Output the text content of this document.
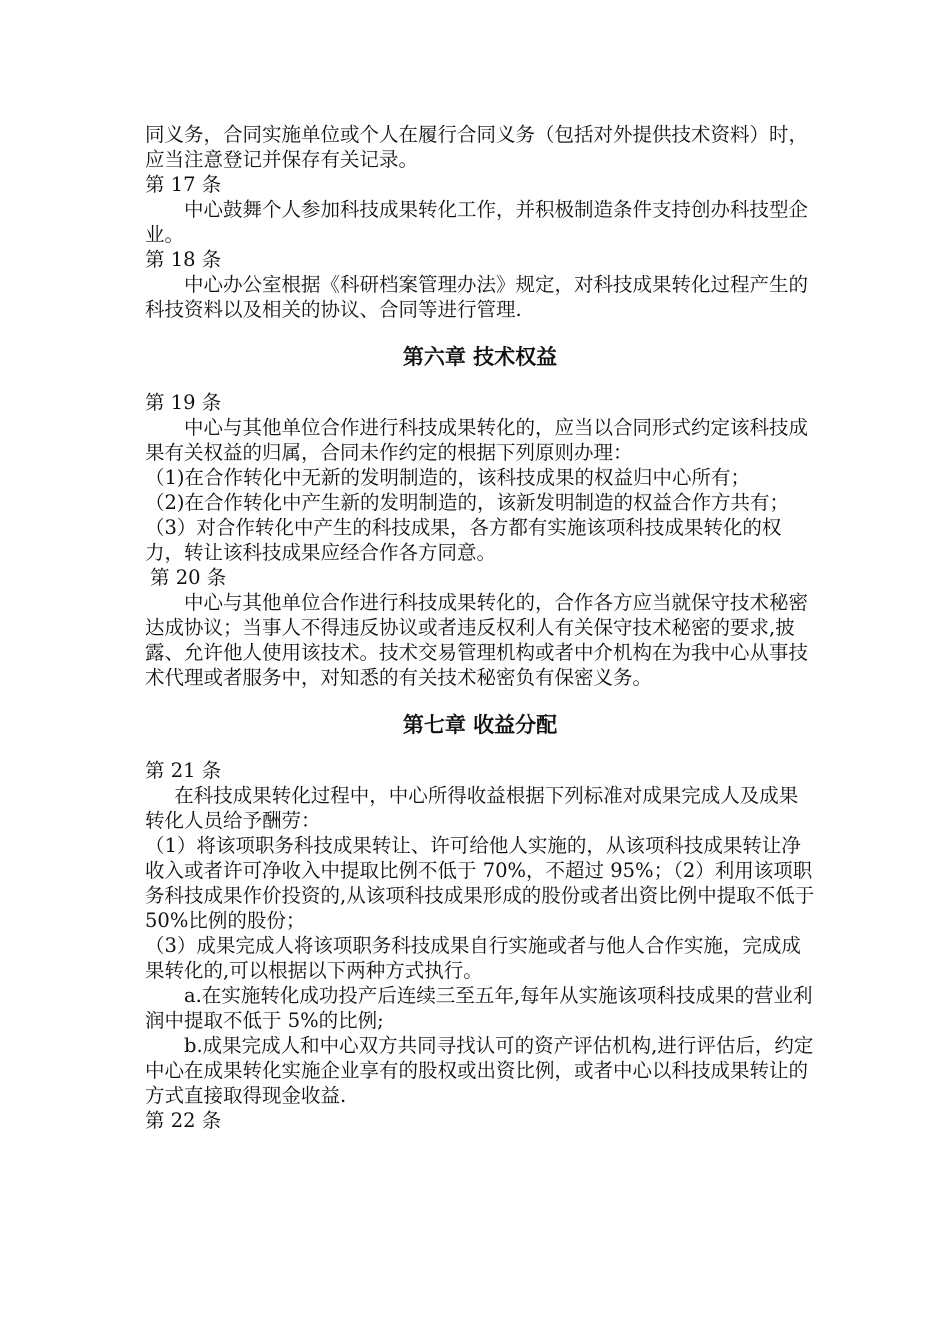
同义务，合同实施单位或个人在履行合同义务（包括对外提供技术资料）时，应当注意登记并保存有关记录。

第 17 条

中心鼓舞个人参加科技成果转化工作，并积极制造条件支持创办科技型企业。

第 18 条

中心办公室根据《科研档案管理办法》规定，对科技成果转化过程产生的科技资料以及相关的协议、合同等进行管理.

第六章 技术权益

第 19 条

中心与其他单位合作进行科技成果转化的，应当以合同形式约定该科技成果有关权益的归属，合同未作约定的根据下列原则办理：

（1)在合作转化中无新的发明制造的，该科技成果的权益归中心所有；

（2)在合作转化中产生新的发明制造的，该新发明制造的权益合作方共有；

（3）对合作转化中产生的科技成果，各方都有实施该项科技成果转化的权力，转让该科技成果应经合作各方同意。

第 20 条

中心与其他单位合作进行科技成果转化的，合作各方应当就保守技术秘密达成协议；当事人不得违反协议或者违反权利人有关保守技术秘密的要求,披露、允许他人使用该技术。技术交易管理机构或者中介机构在为我中心从事技术代理或者服务中，对知悉的有关技术秘密负有保密义务。

第七章 收益分配

第 21 条

在科技成果转化过程中，中心所得收益根据下列标准对成果完成人及成果转化人员给予酬劳：

（1）将该项职务科技成果转让、许可给他人实施的，从该项科技成果转让净收入或者许可净收入中提取比例不低于 70%，不超过 95%；（2）利用该项职务科技成果作价投资的,从该项科技成果形成的股份或者出资比例中提取不低于 50%比例的股份；

（3）成果完成人将该项职务科技成果自行实施或者与他人合作实施，完成成果转化的,可以根据以下两种方式执行。

a.在实施转化成功投产后连续三至五年,每年从实施该项科技成果的营业利润中提取不低于 5%的比例;

b.成果完成人和中心双方共同寻找认可的资产评估机构,进行评估后，约定中心在成果转化实施企业享有的股权或出资比例，或者中心以科技成果转让的方式直接取得现金收益.

第 22 条
